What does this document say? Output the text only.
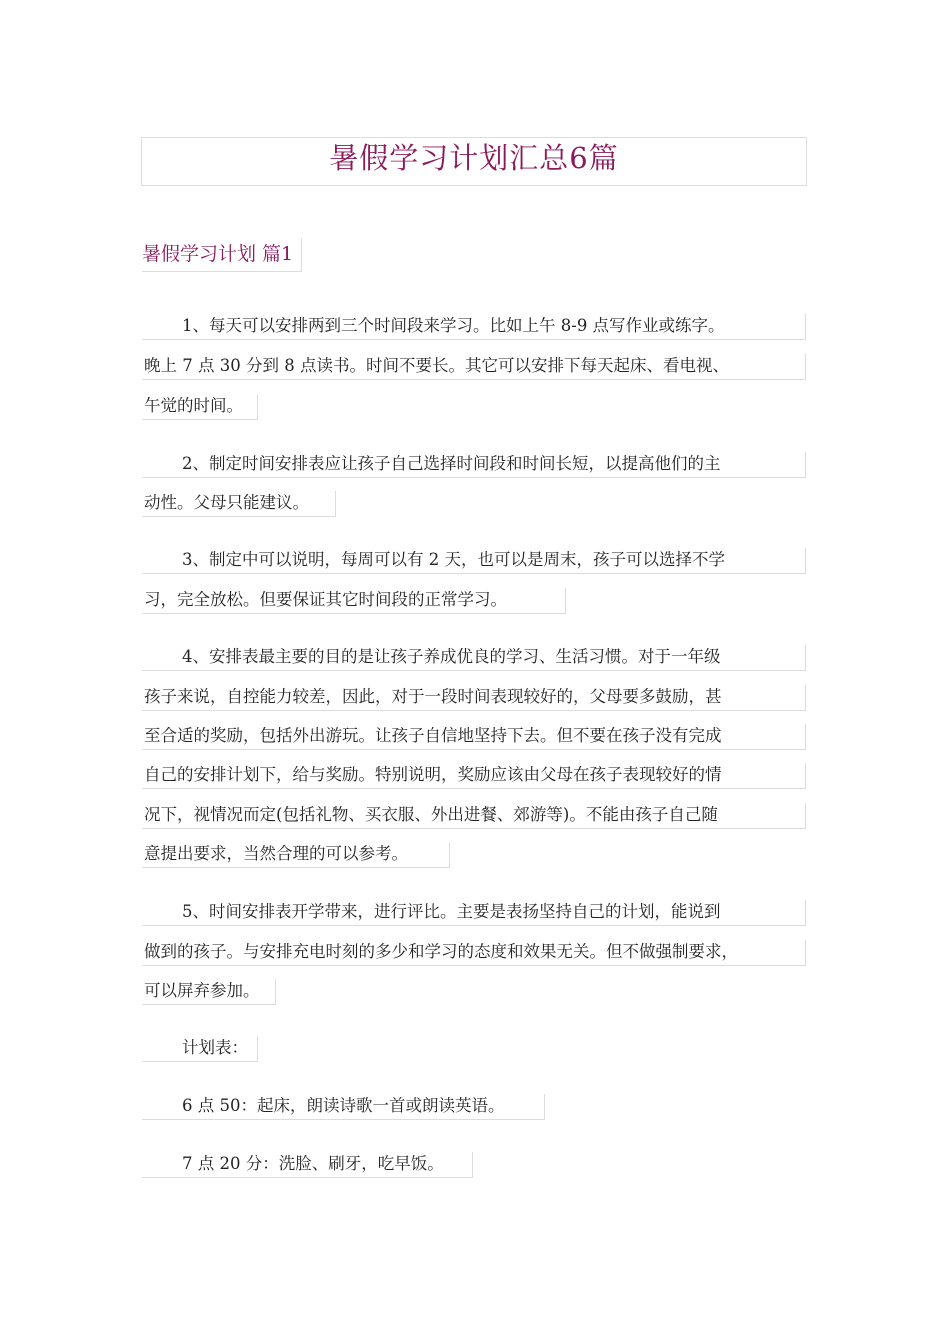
暑假学习计划汇总6篇
暑假学习计划 篇1
1、每天可以安排两到三个时间段来学习。比如上午 8-9 点写作业或练字。
晚上 7 点 30 分到 8 点读书。时间不要长。其它可以安排下每天起床、看电视、
午觉的时间。
2、制定时间安排表应让孩子自己选择时间段和时间长短，以提高他们的主
动性。父母只能建议。
3、制定中可以说明，每周可以有 2 天，也可以是周末，孩子可以选择不学
习，完全放松。但要保证其它时间段的正常学习。
4、安排表最主要的目的是让孩子养成优良的学习、生活习惯。对于一年级
孩子来说，自控能力较差，因此，对于一段时间表现较好的，父母要多鼓励，甚
至合适的奖励，包括外出游玩。让孩子自信地坚持下去。但不要在孩子没有完成
自己的安排计划下，给与奖励。特别说明，奖励应该由父母在孩子表现较好的情
况下，视情况而定(包括礼物、买衣服、外出进餐、郊游等)。不能由孩子自己随
意提出要求，当然合理的可以参考。
5、时间安排表开学带来，进行评比。主要是表扬坚持自己的计划，能说到
做到的孩子。与安排充电时刻的多少和学习的态度和效果无关。但不做强制要求，
可以屏弃参加。
计划表：
6 点 50：起床，朗读诗歌一首或朗读英语。
7 点 20 分：洗脸、刷牙，吃早饭。
